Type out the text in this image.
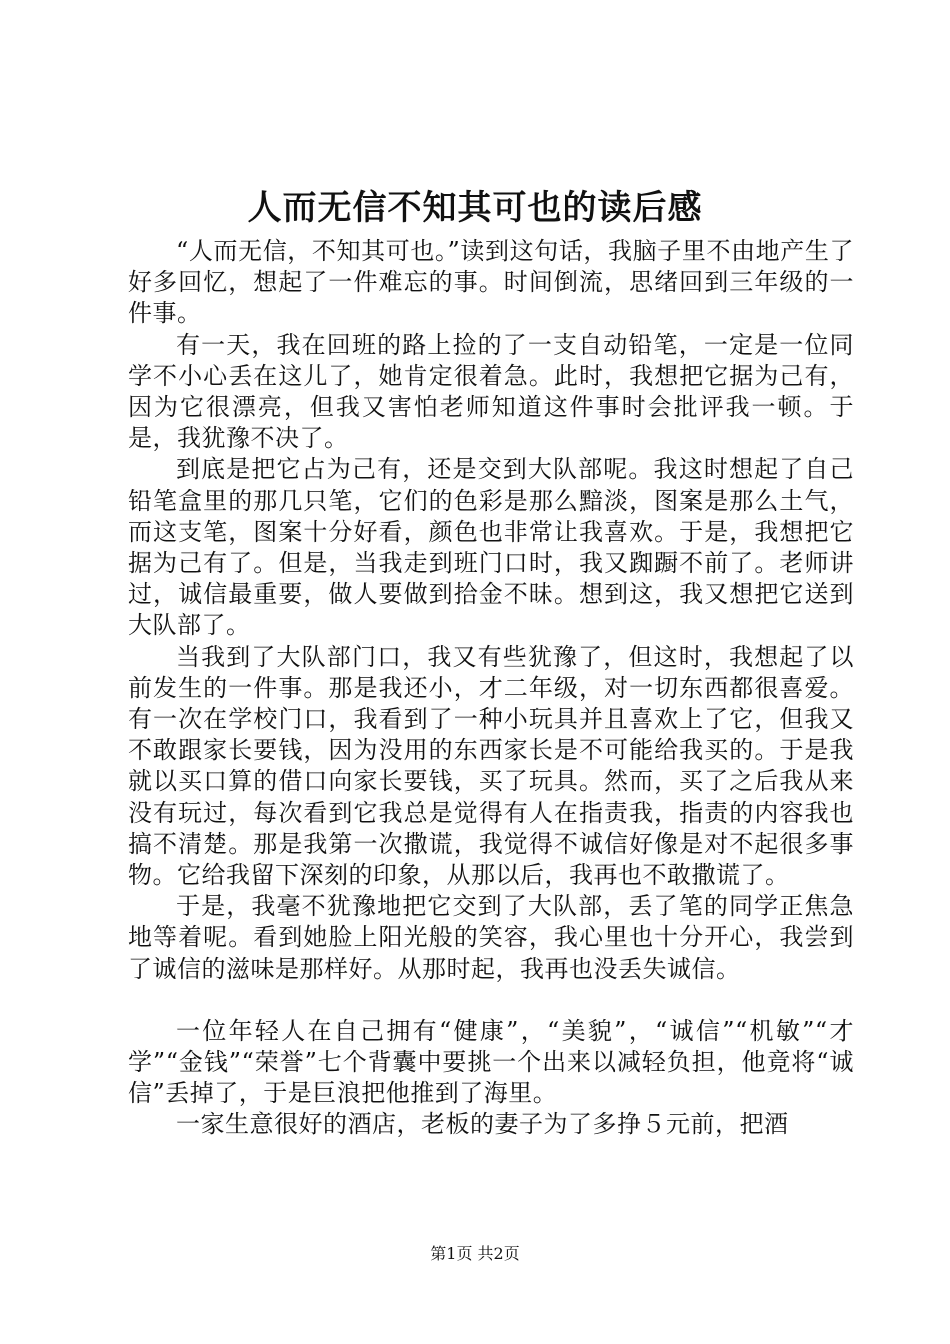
人而无信不知其可也的读后感

“人而无信，不知其可也。”读到这句话，我脑子里不由地产生了好多回忆，想起了一件难忘的事。时间倒流，思绪回到三年级的一件事。

有一天，我在回班的路上捡的了一支自动铅笔，一定是一位同学不小心丢在这儿了，她肯定很着急。此时，我想把它据为己有，因为它很漂亮，但我又害怕老师知道这件事时会批评我一顿。于是，我犹豫不决了。

到底是把它占为己有，还是交到大队部呢。我这时想起了自己铅笔盒里的那几只笔，它们的色彩是那么黯淡，图案是那么土气，而这支笔，图案十分好看，颜色也非常让我喜欢。于是，我想把它据为己有了。但是，当我走到班门口时，我又踟蹰不前了。老师讲过，诚信最重要，做人要做到拾金不昧。想到这，我又想把它送到大队部了。

当我到了大队部门口，我又有些犹豫了，但这时，我想起了以前发生的一件事。那是我还小，才二年级，对一切东西都很喜爱。有一次在学校门口，我看到了一种小玩具并且喜欢上了它，但我又不敢跟家长要钱，因为没用的东西家长是不可能给我买的。于是我就以买口算的借口向家长要钱，买了玩具。然而，买了之后我从来没有玩过，每次看到它我总是觉得有人在指责我，指责的内容我也搞不清楚。那是我第一次撒谎，我觉得不诚信好像是对不起很多事物。它给我留下深刻的印象，从那以后，我再也不敢撒谎了。

于是，我毫不犹豫地把它交到了大队部，丢了笔的同学正焦急地等着呢。看到她脸上阳光般的笑容，我心里也十分开心，我尝到了诚信的滋味是那样好。从那时起，我再也没丢失诚信。

一位年轻人在自己拥有“健康”，“美貌”，“诚信”“机敏”“才学”“金钱”“荣誉”七个背囊中要挑一个出来以减轻负担，他竟将“诚信”丢掉了，于是巨浪把他推到了海里。

一家生意很好的酒店，老板的妻子为了多挣５元前，把酒

第1页 共2页
